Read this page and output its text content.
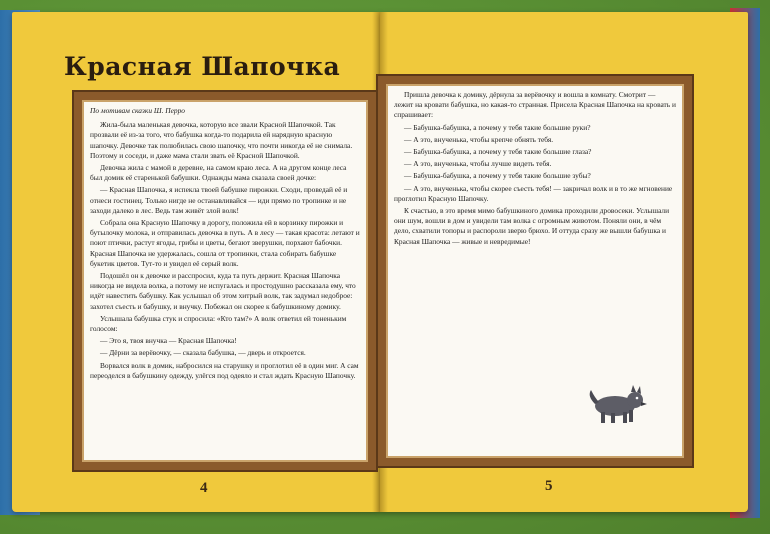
Красная Шапочка

По мотивам сказки Ш. Перро

Жила-была маленькая девочка, которую все звали Красной Шапочкой. Так прозвали её из-за того, что бабушка когда-то подарила ей нарядную красную шапочку. Девочке так полюбилась свою шапочку, что почти никогда её не снимала. Поэтому и соседи, и даже мама стали звать её Красной Шапочкой.

Девочка жила с мамой в деревне, на самом краю леса. А на другом конце леса был домик её старенькой бабушки. Однажды мама сказала своей дочке:

— Красная Шапочка, я испекла твоей бабушке пирожки. Сходи, проведай её и отнеси гостинец. Только нигде не останавливайся — иди прямо по тропинке и не заходи далеко в лес. Ведь там живёт злой волк!

Собрала она Красную Шапочку в дорогу, положила ей в корзинку пирожки и бутылочку молока, и отправилась девочка в путь. А в лесу — такая красота: летают и поют птички, растут ягоды, грибы и цветы, бегают зверушки, порхают бабочки. Красная Шапочка не удержалась, сошла от тропинки, стала собирать бабушке букетик цветов. Тут-то и увидел её серый волк.

Подошёл он к девочке и расспросил, куда та путь держит. Красная Шапочка никогда не видела волка, а потому не испугалась и простодушно рассказала ему, что идёт навестить бабушку. Как услышал об этом хитрый волк, так задумал недоброе: захотел съесть и бабушку, и внучку. Побежал он скорее к бабушкиному домику.

Услышала бабушка стук и спросила: «Кто там?» А волк ответил ей тоненьким голосом:

— Это я, твоя внучка — Красная Шапочка!

— Дёрни за верёвочку, — сказала бабушка, — дверь и откроется.

Ворвался волк в домик, набросился на старушку и проглотил её в один миг. А сам переоделся в бабушкину одежду, улёгся под одеяло и стал ждать Красную Шапочку.

Пришла девочка к домику, дёрнула за верёвочку и вошла в комнату. Смотрит — лежит на кровати бабушка, но какая-то странная. Присела Красная Шапочка на кровать и спрашивает:

— Бабушка-бабушка, а почему у тебя такие большие руки?

— А это, внученька, чтобы крепче обнять тебя.

— Бабушка-бабушка, а почему у тебя такие большие глаза?

— А это, внученька, чтобы лучше видеть тебя.

— Бабушка-бабушка, а почему у тебя такие большие зубы?

— А это, внученька, чтобы скорее съесть тебя! — закричал волк и в то же мгновение проглотил Красную Шапочку.

К счастью, в это время мимо бабушкиного домика проходили дровосеки. Услышали они шум, вошли в дом и увидели там волка с огромным животом. Поняли они, в чём дело, схватили топоры и распороли зверю брюхо. И оттуда сразу же вышли бабушка и Красная Шапочка — живые и невредимые!

4	5
